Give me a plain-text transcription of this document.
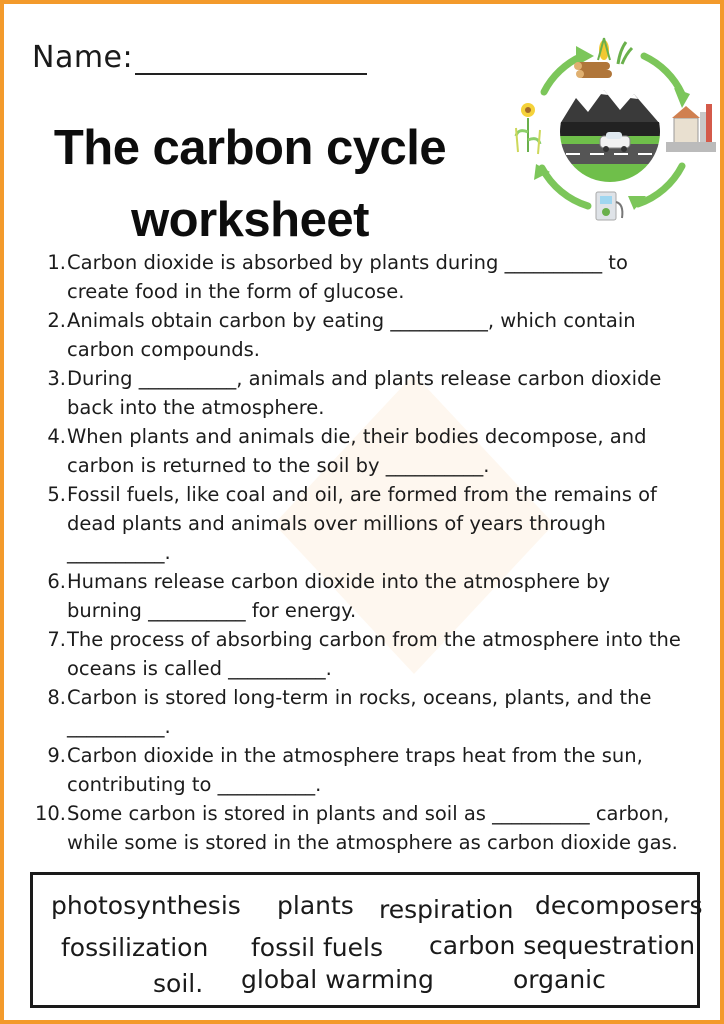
Name:
The carbon cycle
worksheet
1. Carbon dioxide is absorbed by plants during __________ to create food in the form of glucose.
2. Animals obtain carbon by eating __________, which contain carbon compounds.
3. During __________, animals and plants release carbon dioxide back into the atmosphere.
4. When plants and animals die, their bodies decompose, and carbon is returned to the soil by __________.
5. Fossil fuels, like coal and oil, are formed from the remains of dead plants and animals over millions of years through __________.
6. Humans release carbon dioxide into the atmosphere by burning __________ for energy.
7. The process of absorbing carbon from the atmosphere into the oceans is called __________.
8. Carbon is stored long-term in rocks, oceans, plants, and the __________.
9. Carbon dioxide in the atmosphere traps heat from the sun, contributing to __________.
10. Some carbon is stored in plants and soil as __________ carbon, while some is stored in the atmosphere as carbon dioxide gas.
photosynthesis plants respiration decomposers
fossilization fossil fuels carbon sequestration
soil. global warming	organic
